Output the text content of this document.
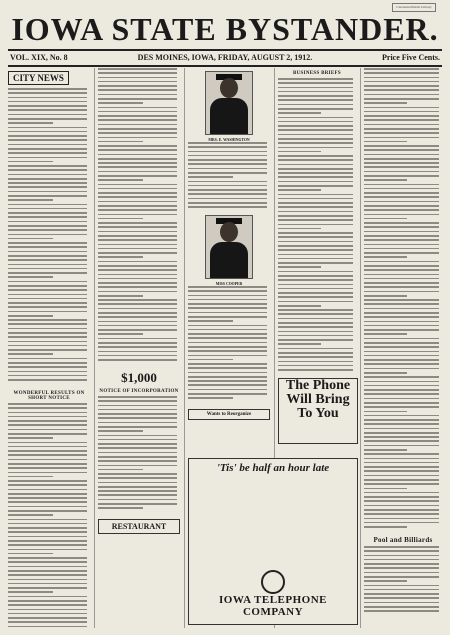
Cleveland Public Library
IOWA STATE BYSTANDER.
VOL. XIX, No. 8	DES MOINES, IOWA, FRIDAY, AUGUST 2, 1912.	Price Five Cents.
CITY NEWS
WONDERFUL RESULTS ON SHORT NOTICE
$1,000
NOTICE OF INCORPORATION
RESTAURANT
MRS. E. WASHINGTON
MISS COOPER
Wants to Reorganize
BUSINESS BRIEFS
Pool and Billiards
The Phone
Will Bring
To You
'Tis' be half an hour late
IOWA TELEPHONE COMPANY
